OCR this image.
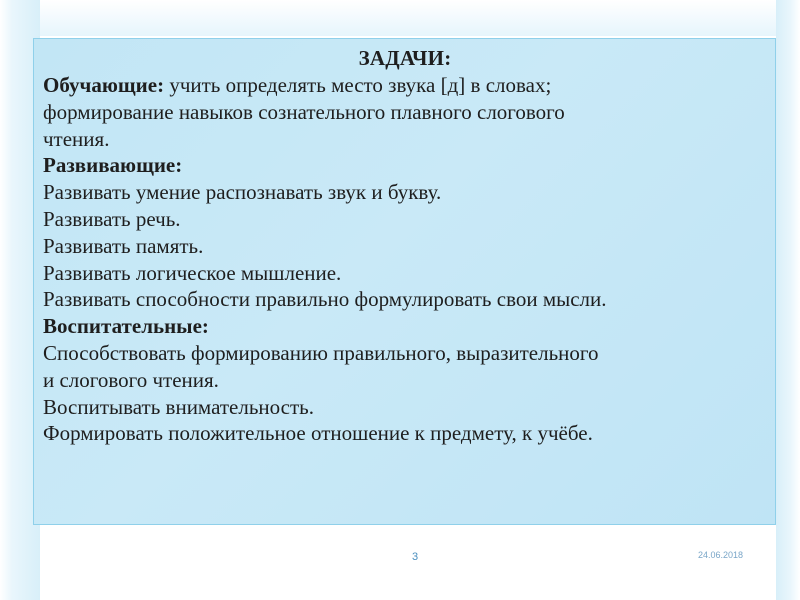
ЗАДАЧИ:

Обучающие: учить определять место звука [д] в словах;

формирование навыков сознательного плавного слогового

чтения.

Развивающие:

Развивать умение распознавать звук и букву.

Развивать речь.

Развивать память.

Развивать логическое мышление.

Развивать способности правильно формулировать свои мысли.

Воспитательные:

Способствовать формированию правильного, выразительного

и слогового чтения.

Воспитывать внимательность.

Формировать положительное отношение к предмету, к учёбе.

3	24.06.2018
